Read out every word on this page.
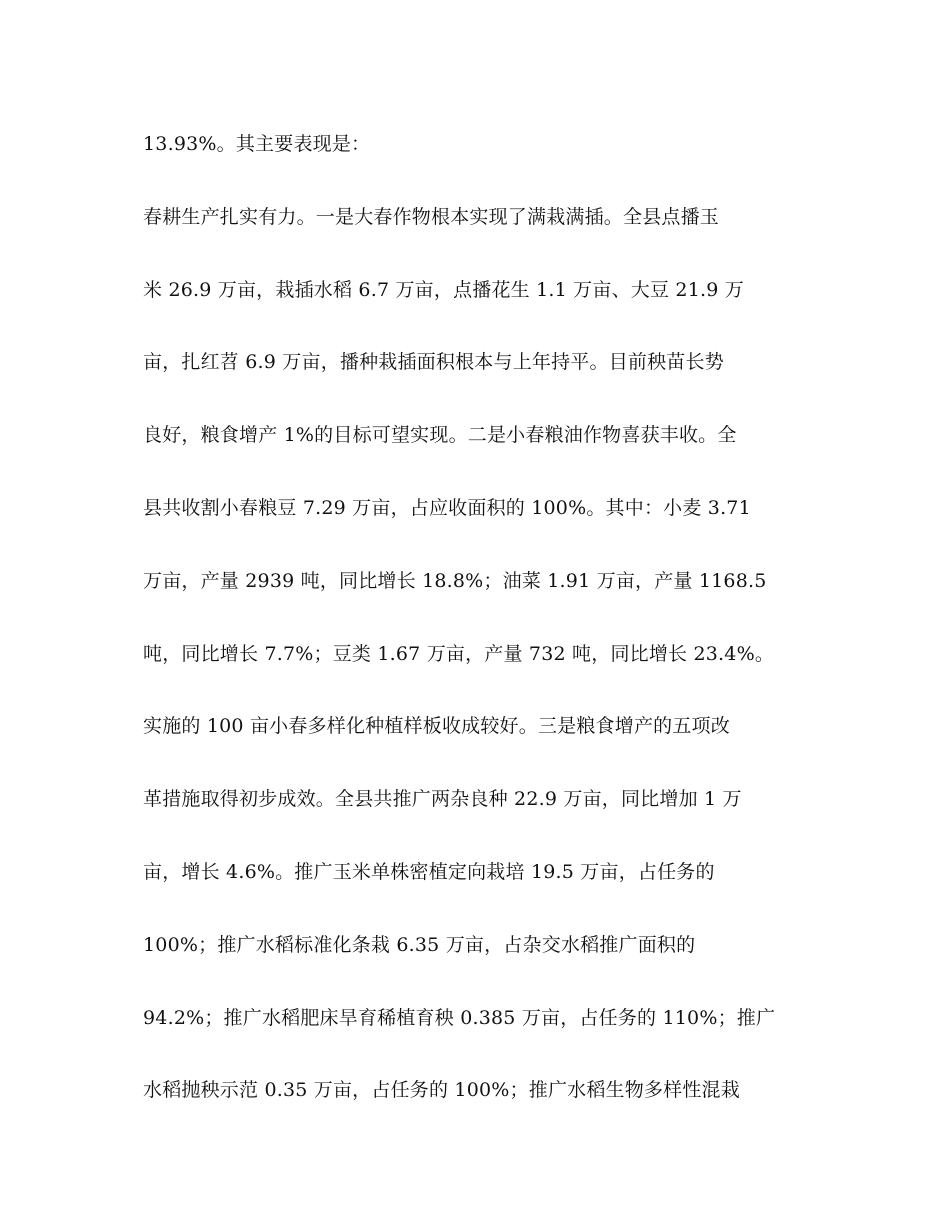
13.93%。其主要表现是：
春耕生产扎实有力。一是大春作物根本实现了满栽满插。全县点播玉
米 26.9 万亩，栽插水稻 6.7 万亩，点播花生 1.1 万亩、大豆 21.9 万
亩，扎红苕 6.9 万亩，播种栽插面积根本与上年持平。目前秧苗长势
良好，粮食增产 1%的目标可望实现。二是小春粮油作物喜获丰收。全
县共收割小春粮豆 7.29 万亩，占应收面积的 100%。其中：小麦 3.71
万亩，产量 2939 吨，同比增长 18.8%；油菜 1.91 万亩，产量 1168.5
吨，同比增长 7.7%；豆类 1.67 万亩，产量 732 吨，同比增长 23.4%。
实施的 100 亩小春多样化种植样板收成较好。三是粮食增产的五项改
革措施取得初步成效。全县共推广两杂良种 22.9 万亩，同比增加 1 万
亩，增长 4.6%。推广玉米单株密植定向栽培 19.5 万亩，占任务的
100%；推广水稻标准化条栽 6.35 万亩，占杂交水稻推广面积的
94.2%；推广水稻肥床旱育稀植育秧 0.385 万亩，占任务的 110%；推广
水稻抛秧示范 0.35 万亩，占任务的 100%；推广水稻生物多样性混栽
